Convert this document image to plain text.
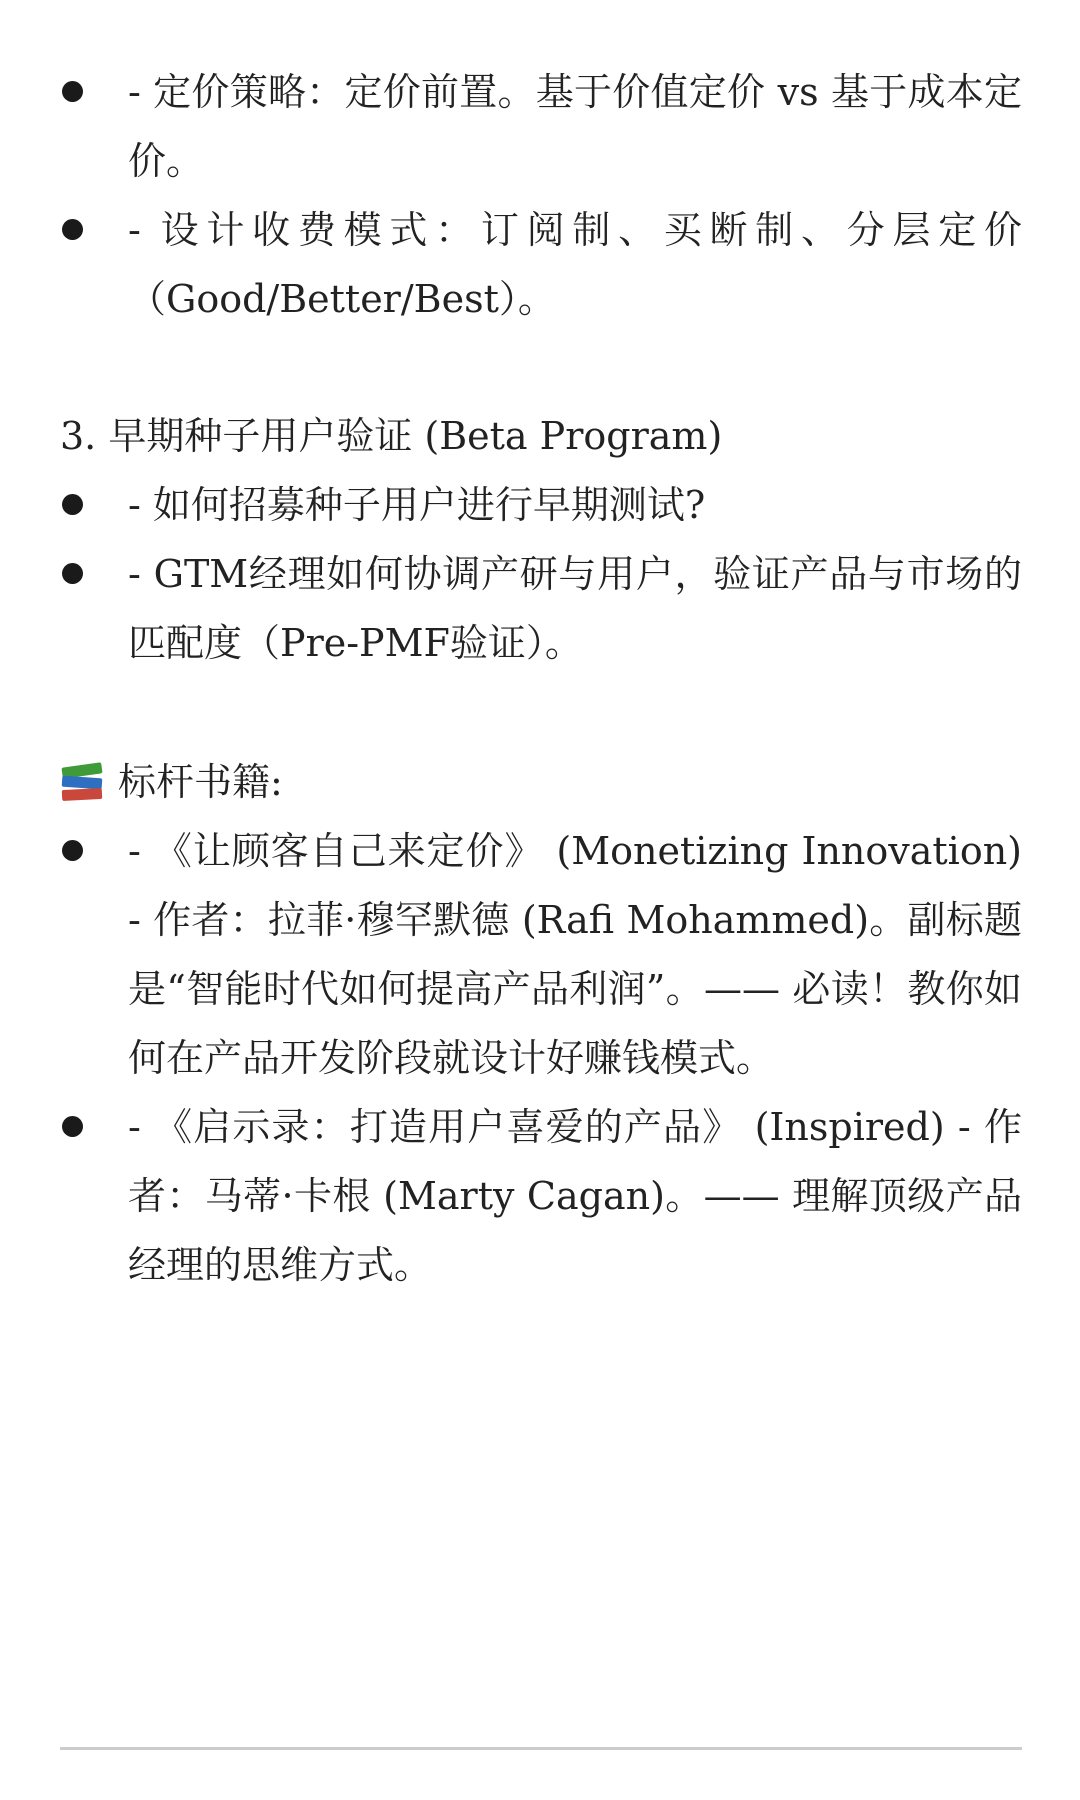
- 定价策略：定价前置。基于价值定价 vs 基于成本定价。
- 设计收费模式：订阅制、买断制、分层定价（Good/Better/Best）。

3. 早期种子用户验证 (Beta Program)

- 如何招募种子用户进行早期测试?
- GTM经理如何协调产研与用户，验证产品与市场的匹配度（Pre-PMF验证）。

标杆书籍:

- 《让顾客自己来定价》 (Monetizing Innovation) - 作者：拉菲·穆罕默德 (Rafi Mohammed)。副标题是“智能时代如何提高产品利润”。—— 必读！教你如何在产品开发阶段就设计好赚钱模式。
- 《启示录：打造用户喜爱的产品》 (Inspired) - 作者：马蒂·卡根 (Marty Cagan)。—— 理解顶级产品经理的思维方式。
